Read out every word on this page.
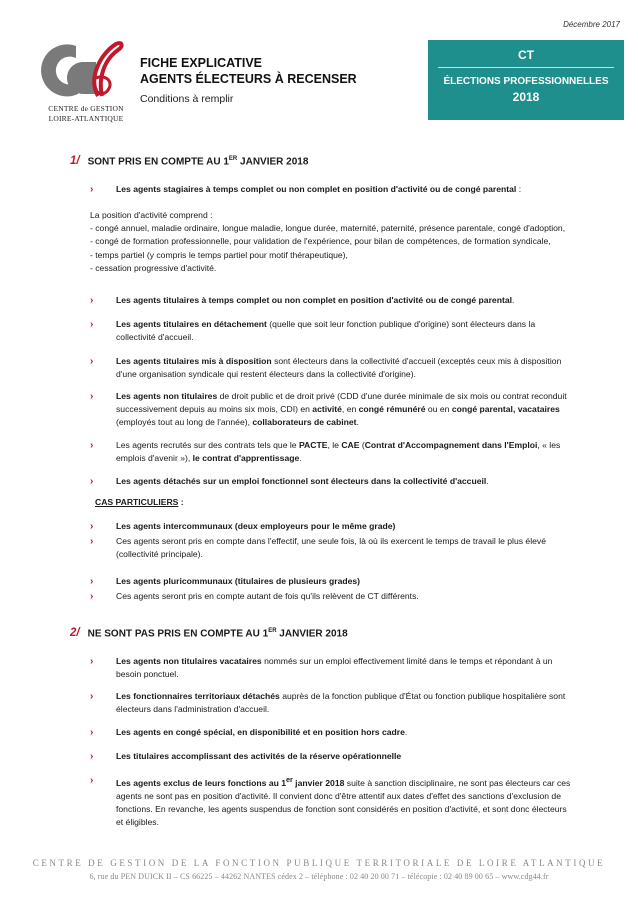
Décembre 2017
CENTRE de GESTION
LOIRE-ATLANTIQUE
FICHE EXPLICATIVE
AGENTS ÉLECTEURS À RECENSER
Conditions à remplir
CT
ÉLECTIONS PROFESSIONNELLES
2018
1/ SONT PRIS EN COMPTE AU 1ER JANVIER 2018
›	Les agents stagiaires à temps complet ou non complet en position d'activité ou de congé parental :
La position d'activité comprend :
- congé annuel, maladie ordinaire, longue maladie, longue durée, maternité, paternité, présence parentale, congé d'adoption,
- congé de formation professionnelle, pour validation de l'expérience, pour bilan de compétences, de formation syndicale,
- temps partiel (y compris le temps partiel pour motif thérapeutique),
- cessation progressive d'activité.
›	Les agents titulaires à temps complet ou non complet en position d'activité ou de congé parental.
›	Les agents titulaires en détachement (quelle que soit leur fonction publique d'origine) sont électeurs dans la collectivité d'accueil.
›	Les agents titulaires mis à disposition sont électeurs dans la collectivité d'accueil (exceptés ceux mis à disposition d'une organisation syndicale qui restent électeurs dans la collectivité d'origine).
›	Les agents non titulaires de droit public et de droit privé (CDD d'une durée minimale de six mois ou contrat reconduit successivement depuis au moins six mois, CDI) en activité, en congé rémunéré ou en congé parental, vacataires (employés tout au long de l'année), collaborateurs de cabinet.
›	Les agents recrutés sur des contrats tels que le PACTE, le CAE (Contrat d'Accompagnement dans l'Emploi, « les emplois d'avenir »), le contrat d'apprentissage.
›	Les agents détachés sur un emploi fonctionnel sont électeurs dans la collectivité d'accueil.
CAS PARTICULIERS :
›	Les agents intercommunaux (deux employeurs pour le même grade)
›	Ces agents seront pris en compte dans l'effectif, une seule fois, là où ils exercent le temps de travail le plus élevé (collectivité principale).
›	Les agents pluricommunaux (titulaires de plusieurs grades)
›	Ces agents seront pris en compte autant de fois qu'ils relèvent de CT différents.
2/ NE SONT PAS PRIS EN COMPTE AU 1ER JANVIER 2018
›	Les agents non titulaires vacataires nommés sur un emploi effectivement limité dans le temps et répondant à un besoin ponctuel.
›	Les fonctionnaires territoriaux détachés auprès de la fonction publique d'État ou fonction publique hospitalière sont électeurs dans l'administration d'accueil.
›	Les agents en congé spécial, en disponibilité et en position hors cadre.
›	Les titulaires accomplissant des activités de la réserve opérationnelle
›	Les agents exclus de leurs fonctions au 1er janvier 2018 suite à sanction disciplinaire, ne sont pas électeurs car ces agents ne sont pas en position d'activité. Il convient donc d'être attentif aux dates d'effet des sanctions d'exclusion de fonctions. En revanche, les agents suspendus de fonction sont considérés en position d'activité, et sont donc électeurs et éligibles.
CENTRE DE GESTION DE LA FONCTION PUBLIQUE TERRITORIALE DE LOIRE ATLANTIQUE
6, rue du PEN DUICK II – CS 66225 – 44262 NANTES cédex 2 – téléphone : 02 40 20 00 71 – télécopie : 02 40 89 00 65 – www.cdg44.fr
